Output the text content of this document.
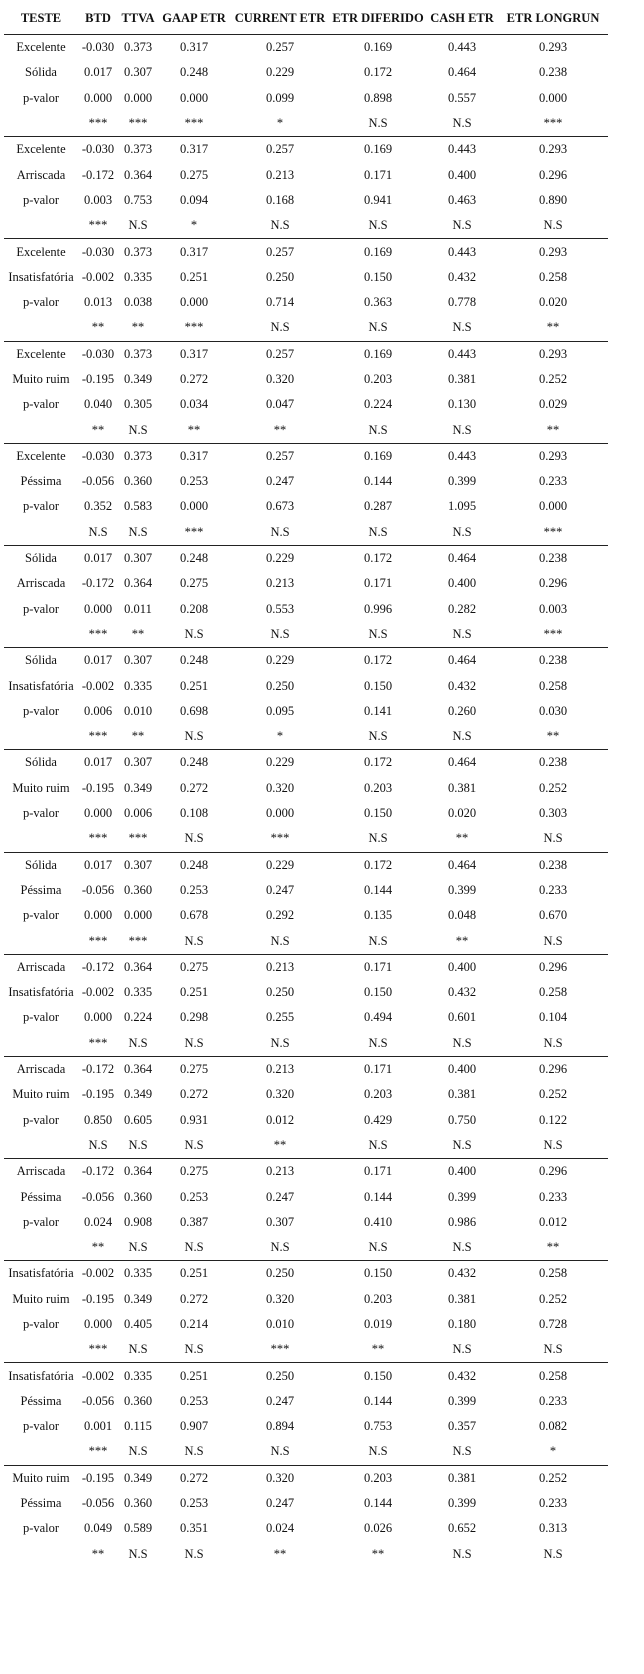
TESTE	BTD	TTVA	GAAP ETR	CURRENT ETR	ETR DIFERIDO	CASH ETR	ETR LONGRUN
Excelente	-0.030	0.373	0.317	0.257	0.169	0.443	0.293
Sólida	0.017	0.307	0.248	0.229	0.172	0.464	0.238
p-valor	0.000	0.000	0.000	0.099	0.898	0.557	0.000
	***	***	***	*	N.S	N.S	***
Excelente	-0.030	0.373	0.317	0.257	0.169	0.443	0.293
Arriscada	-0.172	0.364	0.275	0.213	0.171	0.400	0.296
p-valor	0.003	0.753	0.094	0.168	0.941	0.463	0.890
	***	N.S	*	N.S	N.S	N.S	N.S
Excelente	-0.030	0.373	0.317	0.257	0.169	0.443	0.293
Insatisfatória	-0.002	0.335	0.251	0.250	0.150	0.432	0.258
p-valor	0.013	0.038	0.000	0.714	0.363	0.778	0.020
	**	**	***	N.S	N.S	N.S	**
Excelente	-0.030	0.373	0.317	0.257	0.169	0.443	0.293
Muito ruim	-0.195	0.349	0.272	0.320	0.203	0.381	0.252
p-valor	0.040	0.305	0.034	0.047	0.224	0.130	0.029
	**	N.S	**	**	N.S	N.S	**
Excelente	-0.030	0.373	0.317	0.257	0.169	0.443	0.293
Péssima	-0.056	0.360	0.253	0.247	0.144	0.399	0.233
p-valor	0.352	0.583	0.000	0.673	0.287	1.095	0.000
	N.S	N.S	***	N.S	N.S	N.S	***
Sólida	0.017	0.307	0.248	0.229	0.172	0.464	0.238
Arriscada	-0.172	0.364	0.275	0.213	0.171	0.400	0.296
p-valor	0.000	0.011	0.208	0.553	0.996	0.282	0.003
	***	**	N.S	N.S	N.S	N.S	***
Sólida	0.017	0.307	0.248	0.229	0.172	0.464	0.238
Insatisfatória	-0.002	0.335	0.251	0.250	0.150	0.432	0.258
p-valor	0.006	0.010	0.698	0.095	0.141	0.260	0.030
	***	**	N.S	*	N.S	N.S	**
Sólida	0.017	0.307	0.248	0.229	0.172	0.464	0.238
Muito ruim	-0.195	0.349	0.272	0.320	0.203	0.381	0.252
p-valor	0.000	0.006	0.108	0.000	0.150	0.020	0.303
	***	***	N.S	***	N.S	**	N.S
Sólida	0.017	0.307	0.248	0.229	0.172	0.464	0.238
Péssima	-0.056	0.360	0.253	0.247	0.144	0.399	0.233
p-valor	0.000	0.000	0.678	0.292	0.135	0.048	0.670
	***	***	N.S	N.S	N.S	**	N.S
Arriscada	-0.172	0.364	0.275	0.213	0.171	0.400	0.296
Insatisfatória	-0.002	0.335	0.251	0.250	0.150	0.432	0.258
p-valor	0.000	0.224	0.298	0.255	0.494	0.601	0.104
	***	N.S	N.S	N.S	N.S	N.S	N.S
Arriscada	-0.172	0.364	0.275	0.213	0.171	0.400	0.296
Muito ruim	-0.195	0.349	0.272	0.320	0.203	0.381	0.252
p-valor	0.850	0.605	0.931	0.012	0.429	0.750	0.122
	N.S	N.S	N.S	**	N.S	N.S	N.S
Arriscada	-0.172	0.364	0.275	0.213	0.171	0.400	0.296
Péssima	-0.056	0.360	0.253	0.247	0.144	0.399	0.233
p-valor	0.024	0.908	0.387	0.307	0.410	0.986	0.012
	**	N.S	N.S	N.S	N.S	N.S	**
Insatisfatória	-0.002	0.335	0.251	0.250	0.150	0.432	0.258
Muito ruim	-0.195	0.349	0.272	0.320	0.203	0.381	0.252
p-valor	0.000	0.405	0.214	0.010	0.019	0.180	0.728
	***	N.S	N.S	***	**	N.S	N.S
Insatisfatória	-0.002	0.335	0.251	0.250	0.150	0.432	0.258
Péssima	-0.056	0.360	0.253	0.247	0.144	0.399	0.233
p-valor	0.001	0.115	0.907	0.894	0.753	0.357	0.082
	***	N.S	N.S	N.S	N.S	N.S	*
Muito ruim	-0.195	0.349	0.272	0.320	0.203	0.381	0.252
Péssima	-0.056	0.360	0.253	0.247	0.144	0.399	0.233
p-valor	0.049	0.589	0.351	0.024	0.026	0.652	0.313
	**	N.S	N.S	**	**	N.S	N.S
